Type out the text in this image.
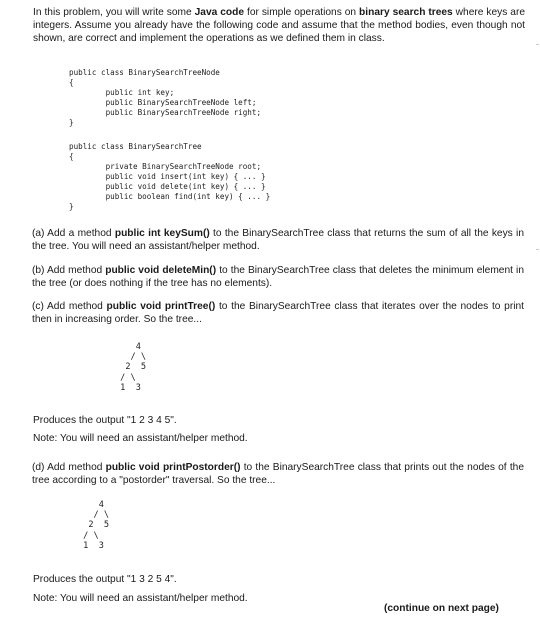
In this problem, you will write some Java code for simple operations on binary search trees where keys are integers. Assume you already have the following code and assume that the method bodies, even though not shown, are correct and implement the operations as we defined them in class.

public class BinarySearchTreeNode
{
public int key;
public BinarySearchTreeNode left;
public BinarySearchTreeNode right;
}
public class BinarySearchTree
{
private BinarySearchTreeNode root;
public void insert(int key) { ... }
public void delete(int key) { ... }
public boolean find(int key) { ... }
}

(a) Add a method public int keySum() to the BinarySearchTree class that returns the sum of all the keys in the tree. You will need an assistant/helper method.

(b) Add method public void deleteMin() to the BinarySearchTree class that deletes the minimum element in the tree (or does nothing if the tree has no elements).

(c) Add method public void printTree() to the BinarySearchTree class that iterates over the nodes to print then in increasing order. So the tree...

4
/ \
2  5
/ \
1  3

Produces the output "1 2 3 4 5".

Note: You will need an assistant/helper method.

(d) Add method public void printPostorder() to the BinarySearchTree class that prints out the nodes of the tree according to a "postorder" traversal. So the tree...

4
/ \
2  5
/ \
1  3

Produces the output "1 3 2 5 4".

Note: You will need an assistant/helper method.

(continue on next page)
